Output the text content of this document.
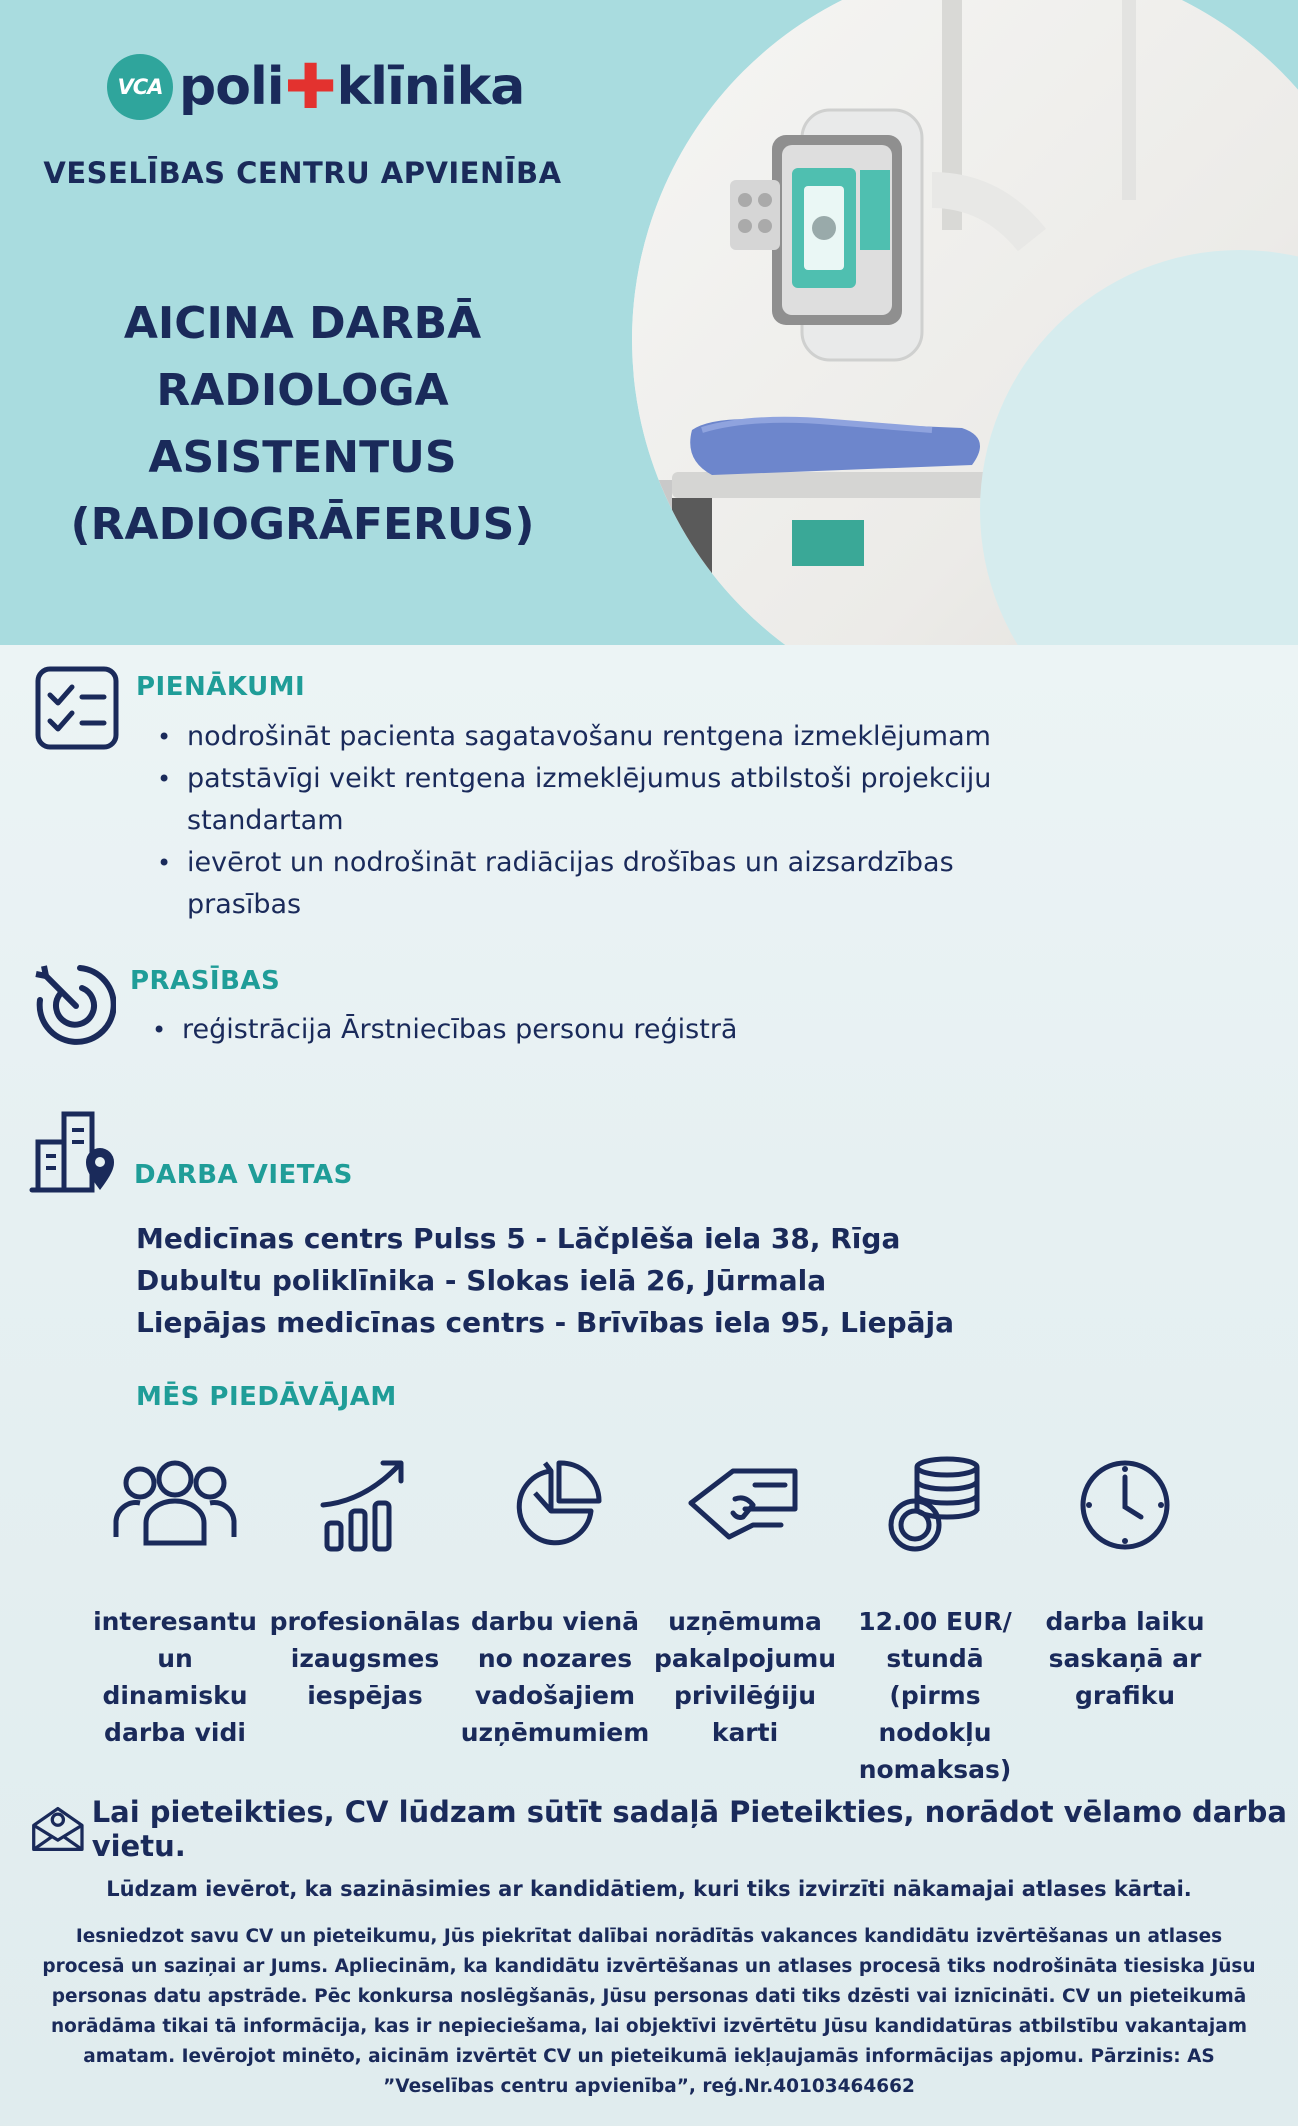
VCA poli ✚ klīnika
VESELĪBAS CENTRU APVIENĪBA
AICINA DARBĀ
RADIOLOGA ASISTENTUS
(RADIOGRĀFERUS)
PIENĀKUMI
• nodrošināt pacienta sagatavošanu rentgena izmeklējumam
• patstāvīgi veikt rentgena izmeklējumus atbilstoši projekciju standartam
• ievērot un nodrošināt radiācijas drošības un aizsardzības prasības
PRASĪBAS
• reģistrācija Ārstniecības personu reģistrā
DARBA VIETAS
Medicīnas centrs Pulss 5 - Lāčplēša iela 38, Rīga
Dubultu poliklīnika - Slokas ielā 26, Jūrmala
Liepājas medicīnas centrs - Brīvības iela 95, Liepāja
MĒS PIEDĀVĀJAM
interesantu un
dinamisku
darba vidi
profesionālas
izaugsmes
iespējas
darbu vienā
no nozares
vadošajiem
uzņēmumiem
uzņēmuma
pakalpojumu
privilēģiju
karti
12.00 EUR/
stundā
(pirms nodokļu
nomaksas)
darba laiku
saskaņā ar
grafiku
Lai pieteikties, CV lūdzam sūtīt sadaļā Pieteikties, norādot vēlamo darba vietu.
Lūdzam ievērot, ka sazināsimies ar kandidātiem, kuri tiks izvirzīti nākamajai atlases kārtai.
Iesniedzot savu CV un pieteikumu, Jūs piekrītat dalībai norādītās vakances kandidātu izvērtēšanas un atlases procesā un saziņai ar Jums. Apliecinām, ka kandidātu izvērtēšanas un atlases procesā tiks nodrošināta tiesiska Jūsu personas datu apstrāde. Pēc konkursa noslēgšanās, Jūsu personas dati tiks dzēsti vai iznīcināti. CV un pieteikumā norādāma tikai tā informācija, kas ir nepieciešama, lai objektīvi izvērtētu Jūsu kandidatūras atbilstību vakantajam amatam. Ievērojot minēto, aicinām izvērtēt CV un pieteikumā iekļaujamās informācijas apjomu. Pārzinis: AS ”Veselības centru apvienība”, reģ.Nr.40103464662
